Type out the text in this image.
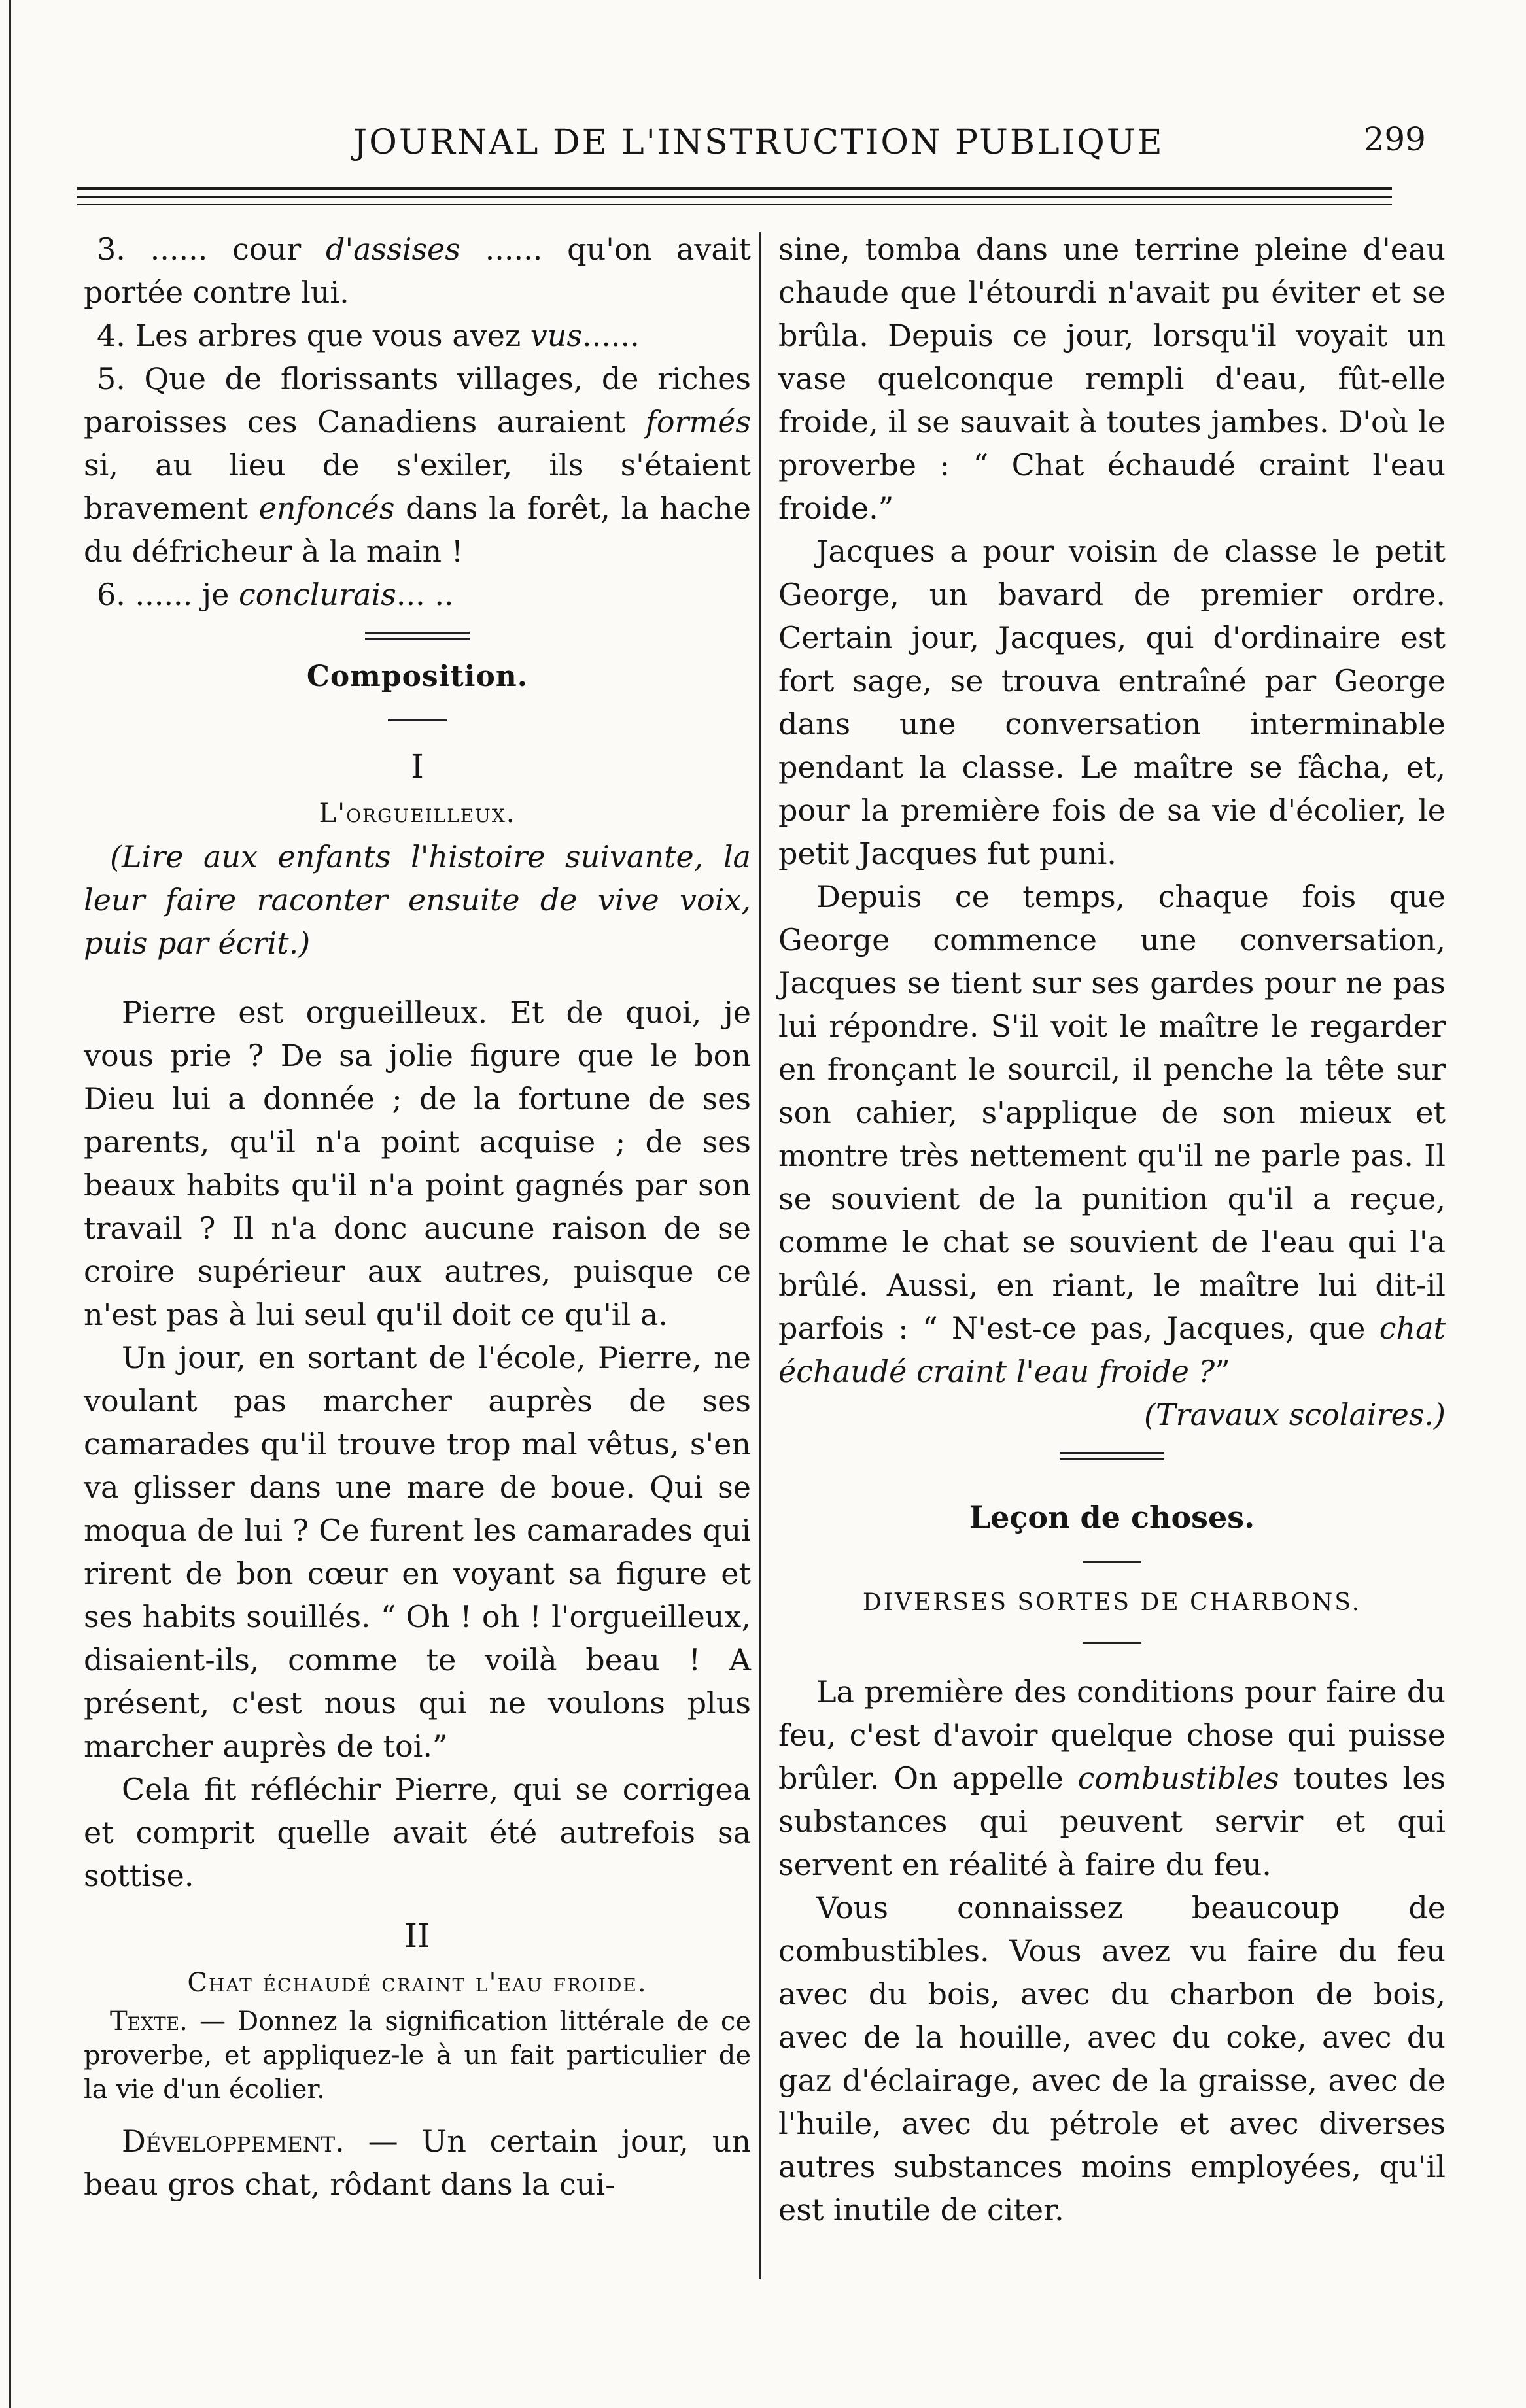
JOURNAL DE L'INSTRUCTION PUBLIQUE	299
3. ...... cour d'assises ...... qu'on avait portée contre lui.
4. Les arbres que vous avez vus......
5. Que de florissants villages, de riches paroisses ces Canadiens auraient formés si, au lieu de s'exiler, ils s'étaient bravement enfoncés dans la forêt, la hache du défricheur à la main !
6. ...... je conclurais... ..
Composition.
I
L'orgueilleux.

(Lire aux enfants l'histoire suivante, la leur faire raconter ensuite de vive voix, puis par écrit.)

Pierre est orgueilleux. Et de quoi, je vous prie ? De sa jolie figure que le bon Dieu lui a donnée ; de la fortune de ses parents, qu'il n'a point acquise ; de ses beaux habits qu'il n'a point gagnés par son travail ? Il n'a donc aucune raison de se croire supérieur aux autres, puisque ce n'est pas à lui seul qu'il doit ce qu'il a.

Un jour, en sortant de l'école, Pierre, ne voulant pas marcher auprès de ses camarades qu'il trouve trop mal vêtus, s'en va glisser dans une mare de boue. Qui se moqua de lui ? Ce furent les camarades qui rirent de bon cœur en voyant sa figure et ses habits souillés. “ Oh ! oh ! l'orgueilleux, disaient-ils, comme te voilà beau ! A présent, c'est nous qui ne voulons plus marcher auprès de toi.”

Cela fit réfléchir Pierre, qui se corrigea et comprit quelle avait été autrefois sa sottise.

II
Chat échaudé craint l'eau froide.

Texte. — Donnez la signification littérale de ce proverbe, et appliquez-le à un fait particulier de la vie d'un écolier.

Développement. — Un certain jour, un beau gros chat, rôdant dans la cui-

sine, tomba dans une terrine pleine d'eau chaude que l'étourdi n'avait pu éviter et se brûla. Depuis ce jour, lorsqu'il voyait un vase quelconque rempli d'eau, fût-elle froide, il se sauvait à toutes jambes. D'où le proverbe : “ Chat échaudé craint l'eau froide.”

Jacques a pour voisin de classe le petit George, un bavard de premier ordre. Certain jour, Jacques, qui d'ordinaire est fort sage, se trouva entraîné par George dans une conversation interminable pendant la classe. Le maître se fâcha, et, pour la première fois de sa vie d'écolier, le petit Jacques fut puni.

Depuis ce temps, chaque fois que George commence une conversation, Jacques se tient sur ses gardes pour ne pas lui répondre. S'il voit le maître le regarder en fronçant le sourcil, il penche la tête sur son cahier, s'applique de son mieux et montre très nettement qu'il ne parle pas. Il se souvient de la punition qu'il a reçue, comme le chat se souvient de l'eau qui l'a brûlé. Aussi, en riant, le maître lui dit-il parfois : “ N'est-ce pas, Jacques, que chat échaudé craint l'eau froide ?”
(Travaux scolaires.)

Leçon de choses.
DIVERSES SORTES DE CHARBONS.

La première des conditions pour faire du feu, c'est d'avoir quelque chose qui puisse brûler. On appelle combustibles toutes les substances qui peuvent servir et qui servent en réalité à faire du feu.

Vous connaissez beaucoup de combustibles. Vous avez vu faire du feu avec du bois, avec du charbon de bois, avec de la houille, avec du coke, avec du gaz d'éclairage, avec de la graisse, avec de l'huile, avec du pétrole et avec diverses autres substances moins employées, qu'il est inutile de citer.
